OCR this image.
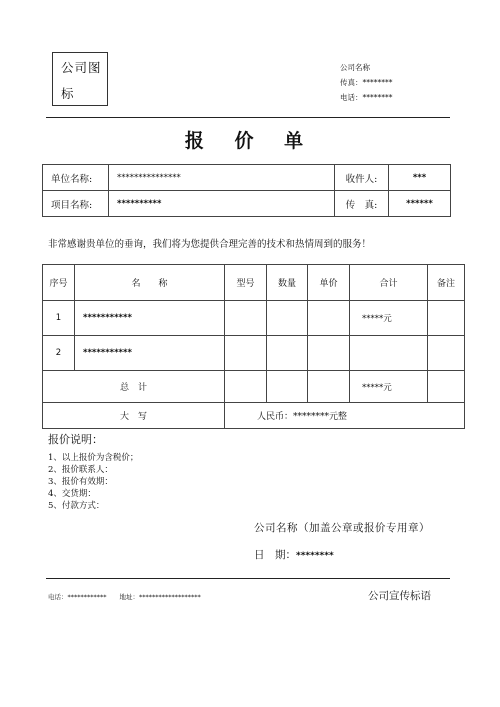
公司图标
公司名称
传真：********
电话：********
报 价 单
单位名称:	***************	收件人:	***
项目名称:	**********	传　真:	******
非常感谢贵单位的垂询，我们将为您提供合理完善的技术和热情周到的服务！
序号	名　　称	型号	数量	单价	合计	备注
1	***********				*****元	
2	***********					
总　计					*****元	
大　写		人民币：********元整				
报价说明：
1、以上报价为含税价；
2、报价联系人：
3、报价有效期：
4、交货期：
5、付款方式：
公司名称（加盖公章或报价专用章）
日　期：********
电话：************　　地址：*******************	公司宣传标语
